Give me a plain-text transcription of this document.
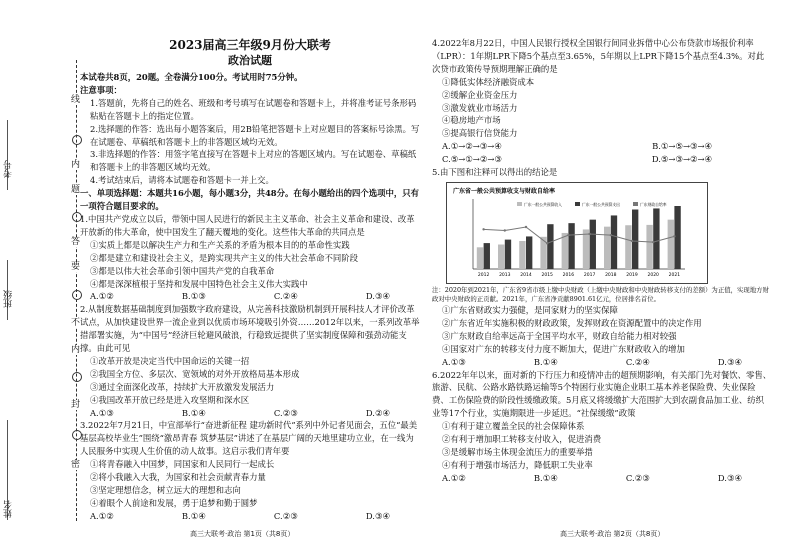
考号
班级
姓名
线
内
题
答
要
不
内
封
密
2023届高三年级9月份大联考
政治试题

本试卷共8页，20题。全卷满分100分。考试用时75分钟。

注意事项：

1.答题前，先将自己的姓名、班级和考号填写在试题卷和答题卡上，并将准考证号条形码粘贴在答题卡上的指定位置。

2.选择题的作答：选出每小题答案后，用2B铅笔把答题卡上对应题目的答案标号涂黑。写在试题卷、草稿纸和答题卡上的非答题区域均无效。

3.非选择题的作答：用签字笔直接写在答题卡上对应的答题区域内。写在试题卷、草稿纸和答题卡上的非答题区域均无效。

4.考试结束后，请将本试题卷和答题卡一并上交。

一、单项选择题：本题共16小题，每小题3分，共48分。在每小题给出的四个选项中，只有一项符合题目要求的。

1.中国共产党成立以后，带领中国人民进行的新民主主义革命、社会主义革命和建设、改革开放新的伟大革命，使中国发生了翻天覆地的变化。这些伟大革命的共同点是

①实质上都是以解决生产力和生产关系的矛盾为根本目的的革命性实践

②都是建立和建设社会主义，是跨实现共产主义的伟大社会革命不同阶段

③都是以伟大社会革命引领中国共产党的自我革命

④都是深深植根于坚持和发展中国特色社会主义伟大实践中

A.①②	B.①③	C.②④	D.③④

2.从制度数据基础制度到加强数字政府建设，从完善科技激励机制到开展科技人才评价改革试点，从加快建设世界一流企业到以优质市场环境吸引外资……2012年以来，一系列改革举措部署实施，为“中国号”经济巨轮避风破浪，行稳致远提供了坚实制度保障和强劲动能支撑。由此可见

①改革开放是决定当代中国命运的关键一招

②我国全方位、多层次、宽领域的对外开放格局基本形成

③通过全面深化改革，持续扩大开放激发发展活力

④我国改革开放已经是进入攻坚期和深水区

A.①③	B.①④	C.②③	D.②④

3.2022年7月21日，中宣部举行“奋进新征程 建功新时代”系列中外记者见面会，五位“最美基层高校毕业生”围绕“激昂青春 筑梦基层”讲述了在基层广阔的天地里建功立业，在一线为人民服务中实现人生价值的动人故事。这启示我们青年要

①将青春融入中国梦，同国家和人民同行一起成长

②将小我融入大我，为国家和社会贡献青春力量

③坚定理想信念，树立远大的理想和志向

④着眼个人前途和发展，勇于追梦和勤于圆梦

A.①②	B.①④	C.②③	D.③④

4.2022年8月22日，中国人民银行授权全国银行间同业拆借中心公布贷款市场报价利率（LPR）：1年期LPR下降5个基点至3.65%，5年期以上LPR下降15个基点至4.3%。对此次贷市政策传导预期理解正确的是

①降低实体经济融资成本

②缓解企业资金压力

③激发就业市场活力

④稳房地产市场

⑤提高银行信贷能力

A.①→②→③→④	B.①→⑤→③→④
C.⑤→①→②→③	D.⑤→③→②→④

5.由下图和注释可以得出的结论是

广东省一般公共预算收支与财政自给率
2012 2013 2014 2015 2016 2017 2018 2019 2020 2021
广东一般公共预算收入	广东一般公共预算支出	广东财政自给率

注：2020年到2021年，广东省9省市级上缴中央财政（上缴中央财政和中央财政转移支付的差额）为正值，实现地方财政对中央财政的正贡献。2021年，广东省净贡献8901.61亿元，位居排名首位。

①广东省财政实力强健，是同家财力的坚实保障

②广东省近年实施积极的财政政策，发挥财政在资源配置中的决定作用

③广东财政自给率远高于全国平均水平，财政自给能力相对较强

④国家对广东的转移支付力度不断加大，促进广东财政收入的增加

A.①③	B.①④	C.②④	D.③④

6.2022年年以来，面对新的下行压力和疫情冲击的超预期影响，有关部门先对餐饮、零售、旅游、民航、公路水路铁路运输等5个特困行业实施企业职工基本养老保险费、失业保险费、工伤保险费的阶段性缓缴政策。5月底又将缓缴扩大范围扩大到农副食品加工业、纺织业等17个行业，实施期限进一步延迟。“社保缓缴”政策

①有利于建立覆盖全民的社会保障体系

②有利于增加职工转移支付收入，促进消费

③是缓解市场主体现金流压力的重要举措

④有利于增强市场活力，降低职工失业率

A.①②	B.①④	C.②③	D.③④
高三大联考·政治 第1页（共8页）	高三大联考·政治 第2页（共8页）
